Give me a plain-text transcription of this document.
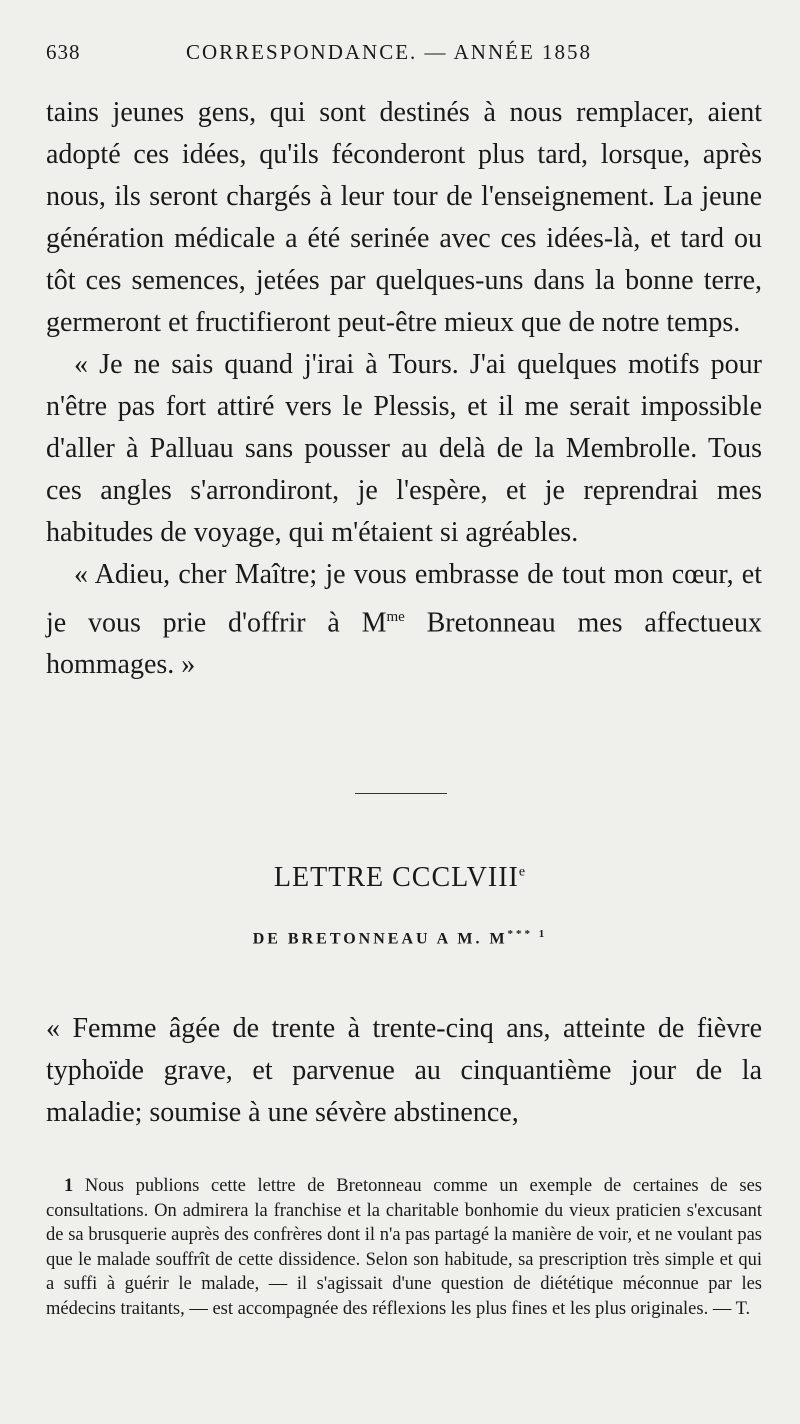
638	CORRESPONDANCE. — ANNÉE 1858

tains jeunes gens, qui sont destinés à nous remplacer, aient adopté ces idées, qu'ils féconderont plus tard, lorsque, après nous, ils seront chargés à leur tour de l'enseignement. La jeune génération médicale a été serinée avec ces idées-là, et tard ou tôt ces semences, jetées par quelques-uns dans la bonne terre, germeront et fructifieront peut-être mieux que de notre temps.

« Je ne sais quand j'irai à Tours. J'ai quelques motifs pour n'être pas fort attiré vers le Plessis, et il me serait impossible d'aller à Palluau sans pousser au delà de la Membrolle. Tous ces angles s'arrondiront, je l'espère, et je reprendrai mes habitudes de voyage, qui m'étaient si agréables.

« Adieu, cher Maître; je vous embrasse de tout mon cœur, et je vous prie d'offrir à $M^{me}$ Bretonneau mes affectueux hommages. »

LETTRE CCCLVIIIe
DE BRETONNEAU A M. $M^{*** 1}$

« Femme âgée de trente à trente-cinq ans, atteinte de fièvre typhoïde grave, et parvenue au cinquantième jour de la maladie; soumise à une sévère abstinence,

1 Nous publions cette lettre de Bretonneau comme un exemple de certaines de ses consultations. On admirera la franchise et la charitable bonhomie du vieux praticien s'excusant de sa brusquerie auprès des confrères dont il n'a pas partagé la manière de voir, et ne voulant pas que le malade souffrît de cette dissidence. Selon son habitude, sa prescription très simple et qui a suffi à guérir le malade, — il s'agissait d'une question de diététique méconnue par les médecins traitants, — est accompagnée des réflexions les plus fines et les plus originales. — T.
